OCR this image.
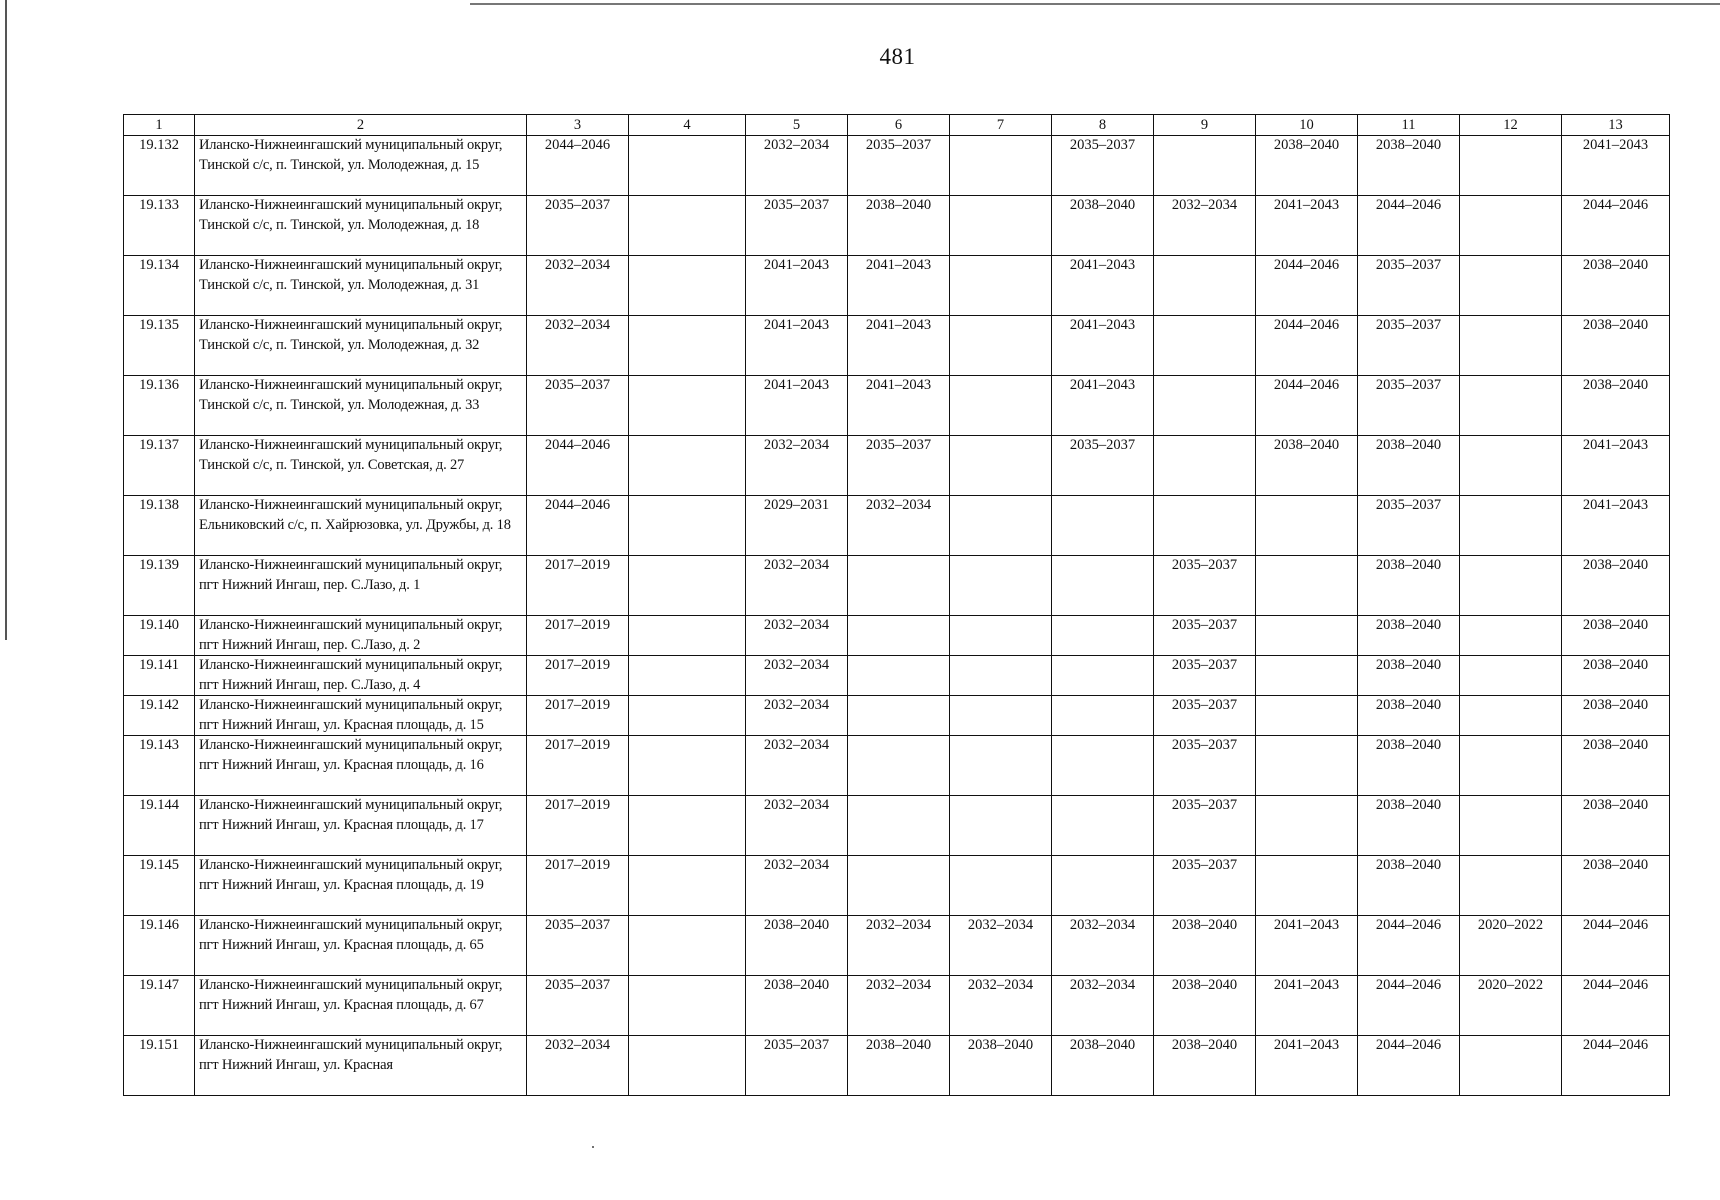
481
1	2	3	4	5	6	7	8	9	10	11	12	13
19.132	Иланско-Нижнеингашский муниципальный округ, Тинской с/с, п. Тинской, ул. Молодежная, д. 15	2044–2046		2032–2034	2035–2037		2035–2037		2038–2040	2038–2040		2041–2043
19.133	Иланско-Нижнеингашский муниципальный округ, Тинской с/с, п. Тинской, ул. Молодежная, д. 18	2035–2037		2035–2037	2038–2040		2038–2040	2032–2034	2041–2043	2044–2046		2044–2046
19.134	Иланско-Нижнеингашский муниципальный округ, Тинской с/с, п. Тинской, ул. Молодежная, д. 31	2032–2034		2041–2043	2041–2043		2041–2043		2044–2046	2035–2037		2038–2040
19.135	Иланско-Нижнеингашский муниципальный округ, Тинской с/с, п. Тинской, ул. Молодежная, д. 32	2032–2034		2041–2043	2041–2043		2041–2043		2044–2046	2035–2037		2038–2040
19.136	Иланско-Нижнеингашский муниципальный округ, Тинской с/с, п. Тинской, ул. Молодежная, д. 33	2035–2037		2041–2043	2041–2043		2041–2043		2044–2046	2035–2037		2038–2040
19.137	Иланско-Нижнеингашский муниципальный округ, Тинской с/с, п. Тинской, ул. Советская, д. 27	2044–2046		2032–2034	2035–2037		2035–2037		2038–2040	2038–2040		2041–2043
19.138	Иланско-Нижнеингашский муниципальный округ, Ельниковский с/с, п. Хайрюзовка, ул. Дружбы, д. 18	2044–2046		2029–2031	2032–2034					2035–2037		2041–2043
19.139	Иланско-Нижнеингашский муниципальный округ, пгт Нижний Ингаш, пер. С.Лазо, д. 1	2017–2019		2032–2034				2035–2037		2038–2040		2038–2040
19.140	Иланско-Нижнеингашский муниципальный округ, пгт Нижний Ингаш, пер. С.Лазо, д. 2	2017–2019		2032–2034				2035–2037		2038–2040		2038–2040
19.141	Иланско-Нижнеингашский муниципальный округ, пгт Нижний Ингаш, пер. С.Лазо, д. 4	2017–2019		2032–2034				2035–2037		2038–2040		2038–2040
19.142	Иланско-Нижнеингашский муниципальный округ, пгт Нижний Ингаш, ул. Красная площадь, д. 15	2017–2019		2032–2034				2035–2037		2038–2040		2038–2040
19.143	Иланско-Нижнеингашский муниципальный округ, пгт Нижний Ингаш, ул. Красная площадь, д. 16	2017–2019		2032–2034				2035–2037		2038–2040		2038–2040
19.144	Иланско-Нижнеингашский муниципальный округ, пгт Нижний Ингаш, ул. Красная площадь, д. 17	2017–2019		2032–2034				2035–2037		2038–2040		2038–2040
19.145	Иланско-Нижнеингашский муниципальный округ, пгт Нижний Ингаш, ул. Красная площадь, д. 19	2017–2019		2032–2034				2035–2037		2038–2040		2038–2040
19.146	Иланско-Нижнеингашский муниципальный округ, пгт Нижний Ингаш, ул. Красная площадь, д. 65	2035–2037		2038–2040	2032–2034	2032–2034	2032–2034	2038–2040	2041–2043	2044–2046	2020–2022	2044–2046
19.147	Иланско-Нижнеингашский муниципальный округ, пгт Нижний Ингаш, ул. Красная площадь, д. 67	2035–2037		2038–2040	2032–2034	2032–2034	2032–2034	2038–2040	2041–2043	2044–2046	2020–2022	2044–2046
19.151	Иланско-Нижнеингашский муниципальный округ, пгт Нижний Ингаш, ул. Красная	2032–2034		2035–2037	2038–2040	2038–2040	2038–2040	2038–2040	2041–2043	2044–2046		2044–2046
